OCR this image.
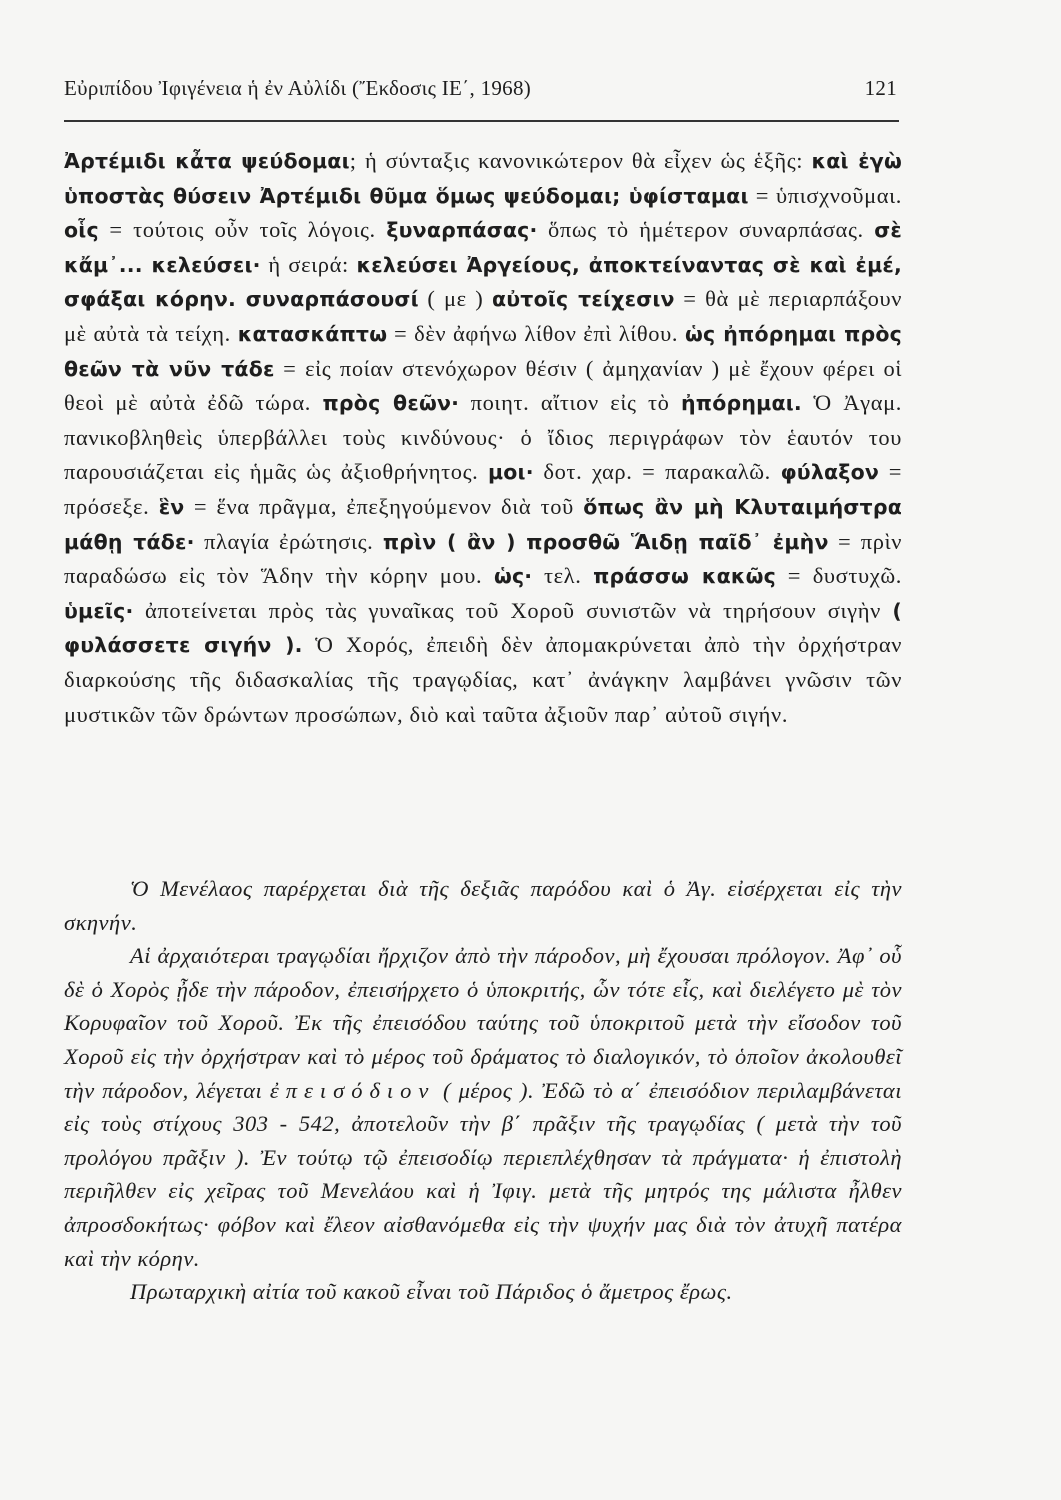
Εὐριπίδου Ἰφιγένεια ἡ ἐν Αὐλίδι (Ἔκδοσις ΙΕ΄, 1968)	121

Ἀρτέμιδι κἆτα ψεύδομαι; ἡ σύνταξις κανονικώτερον θὰ εἶχεν ὡς ἑξῆς: καὶ ἐγὼ ὑποστὰς θύσειν Ἀρτέμιδι θῦμα ὅμως ψεύδομαι; ὑφίσταμαι = ὑπισχνοῦμαι. οἷς = τούτοις οὖν τοῖς λόγοις. ξυναρπάσας· ὅπως τὸ ἡμέτερον συναρπάσας. σὲ κἄμ᾽... κελεύσει· ἡ σειρά: κελεύσει Ἀργείους, ἀποκτείναντας σὲ καὶ ἐμέ, σφάξαι κόρην. συναρπάσουσί ( με ) αὐτοῖς τείχεσιν = θὰ μὲ περιαρπάξουν μὲ αὐτὰ τὰ τείχη. κατασκάπτω = δὲν ἀφήνω λίθον ἐπὶ λίθου. ὡς ἠπόρημαι πρὸς θεῶν τὰ νῦν τάδε = εἰς ποίαν στενόχωρον θέσιν ( ἀμηχανίαν ) μὲ ἔχουν φέρει οἱ θεοὶ μὲ αὐτὰ ἐδῶ τώρα. πρὸς θεῶν· ποιητ. αἴτιον εἰς τὸ ἠπόρημαι. Ὁ Ἀγαμ. πανικοβληθεὶς ὑπερβάλλει τοὺς κινδύνους· ὁ ἴδιος περιγράφων τὸν ἑαυτόν του παρουσιάζεται εἰς ἡμᾶς ὡς ἀξιοθρήνητος. μοι· δοτ. χαρ. = παρακαλῶ. φύλαξον = πρόσεξε. ἓν = ἕνα πρᾶγμα, ἐπεξηγούμενον διὰ τοῦ ὅπως ἂν μὴ Κλυταιμήστρα μάθῃ τάδε· πλαγία ἐρώτησις. πρὶν ( ἂν ) προσθῶ Ἅιδῃ παῖδ᾽ ἐμὴν = πρὶν παραδώσω εἰς τὸν Ἅδην τὴν κόρην μου. ὡς· τελ. πράσσω κακῶς = δυστυχῶ. ὑμεῖς· ἀποτείνεται πρὸς τὰς γυναῖκας τοῦ Χοροῦ συνιστῶν νὰ τηρήσουν σιγὴν ( φυλάσσετε σιγήν ). Ὁ Χορός, ἐπειδὴ δὲν ἀπομακρύνεται ἀπὸ τὴν ὀρχήστραν διαρκούσης τῆς διδασκαλίας τῆς τραγῳδίας, κατ᾽ ἀνάγκην λαμβάνει γνῶσιν τῶν μυστικῶν τῶν δρώντων προσώπων, διὸ καὶ ταῦτα ἀξιοῦν παρ᾽ αὐτοῦ σιγήν.

Ὁ Μενέλαος παρέρχεται διὰ τῆς δεξιᾶς παρόδου καὶ ὁ Ἀγ. εἰσέρχεται εἰς τὴν σκηνήν.

Αἱ ἀρχαιότεραι τραγῳδίαι ἤρχιζον ἀπὸ τὴν πάροδον, μὴ ἔχουσαι πρόλογον. Ἀφ᾽ οὗ δὲ ὁ Χορὸς ᾖδε τὴν πάροδον, ἐπεισήρχετο ὁ ὑποκριτής, ὧν τότε εἷς, καὶ διελέγετο μὲ τὸν Κορυφαῖον τοῦ Χοροῦ. Ἐκ τῆς ἐπεισόδου ταύτης τοῦ ὑποκριτοῦ μετὰ τὴν εἴσοδον τοῦ Χοροῦ εἰς τὴν ὀρχήστραν καὶ τὸ μέρος τοῦ δράματος τὸ διαλογικόν, τὸ ὁποῖον ἀκολουθεῖ τὴν πάροδον, λέγεται ἐπεισόδιον ( μέρος ). Ἐδῶ τὸ α΄ ἐπεισόδιον περιλαμβάνεται εἰς τοὺς στίχους 303 - 542, ἀποτελοῦν τὴν β΄ πρᾶξιν τῆς τραγῳδίας ( μετὰ τὴν τοῦ προλόγου πρᾶξιν ). Ἐν τούτῳ τῷ ἐπεισοδίῳ περιεπλέχθησαν τὰ πράγματα· ἡ ἐπιστολὴ περιῆλθεν εἰς χεῖρας τοῦ Μενελάου καὶ ἡ Ἰφιγ. μετὰ τῆς μητρός της μάλιστα ἦλθεν ἀπροσδοκήτως· φόβον καὶ ἔλεον αἰσθανόμεθα εἰς τὴν ψυχήν μας διὰ τὸν ἀτυχῆ πατέρα καὶ τὴν κόρην.

Πρωταρχικὴ αἰτία τοῦ κακοῦ εἶναι τοῦ Πάριδος ὁ ἄμετρος ἔρως.
